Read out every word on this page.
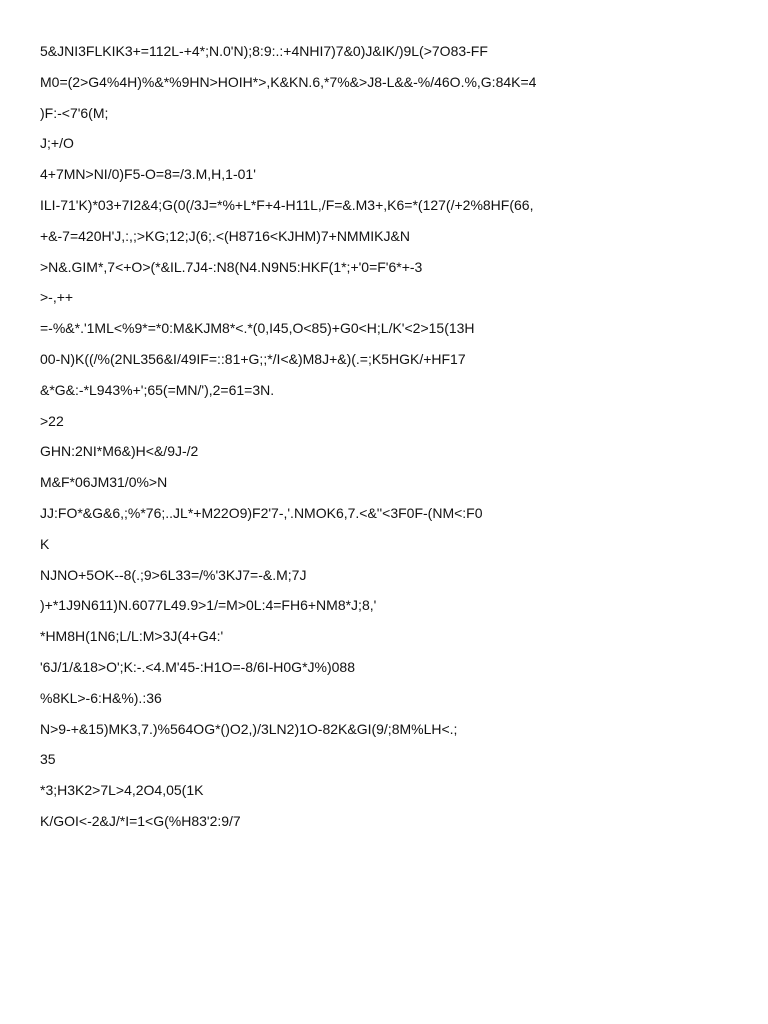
5&JNI3FLKIK3+=112L-+4*;N.0'N);8:9:.:+4NHI7)7&0)J&IK/)9L(>7O83-FF
M0=(2>G4%4H)%&*%9HN>HOIH*>,K&KN.6,*7%&>J8-L&&-%/46O.%,G:84K=4
)F:-<7'6(M;
J;+/O
4+7MN>NI/0)F5-O=8=/3.M,H,1-01'
ILI-71'K)*03+7I2&4;G(0(/3J=*%+L*F+4-H11L,/F=&.M3+,K6=*(127(/+2%8HF(66,
+&-7=420H'J,:,;>KG;12;J(6;.<(H8716<KJHM)7+NMMIKJ&N
>N&.GIM*,7<+O>(*&IL.7J4-:N8(N4.N9N5:HKF(1*;+'0=F'6*+-3
>-,++
=-%&*.'1ML<%9*=*0:M&KJM8*<.*(0,I45,O<85)+G0<H;L/K'<2>15(13H
00-N)K((/%(2NL356&I/49IF=::81+G;;*/I<&)M8J+&)(.=;K5HGK/+HF17
&*G&:-*L943%+';65(=MN/'),2=61=3N.
>22
GHN:2NI*M6&)H<&/9J-/2
M&F*06JM31/0%>N
JJ:FO*&G&6,;%*76;..JL*+M22O9)F2'7-,'.NMOK6,7.<&''<3F0F-(NM<:F0
K
NJNO+5OK--8(.;9>6L33=/%'3KJ7=-&.M;7J
)+*1J9N611)N.6077L49.9>1/=M>0L:4=FH6+NM8*J;8,'
*HM8H(1N6;L/L:M>3J(4+G4:'
'6J/1/&18>O';K:-.<4.M'45-:H1O=-8/6I-H0G*J%)088
%8KL>-6:H&%).:36
N>9-+&15)MK3,7.)%564OG*()O2,)/3LN2)1O-82K&GI(9/;8M%LH<.;
35
*3;H3K2>7L>4,2O4,05(1K
K/GOI<-2&J/*I=1<G(%H83'2:9/7
